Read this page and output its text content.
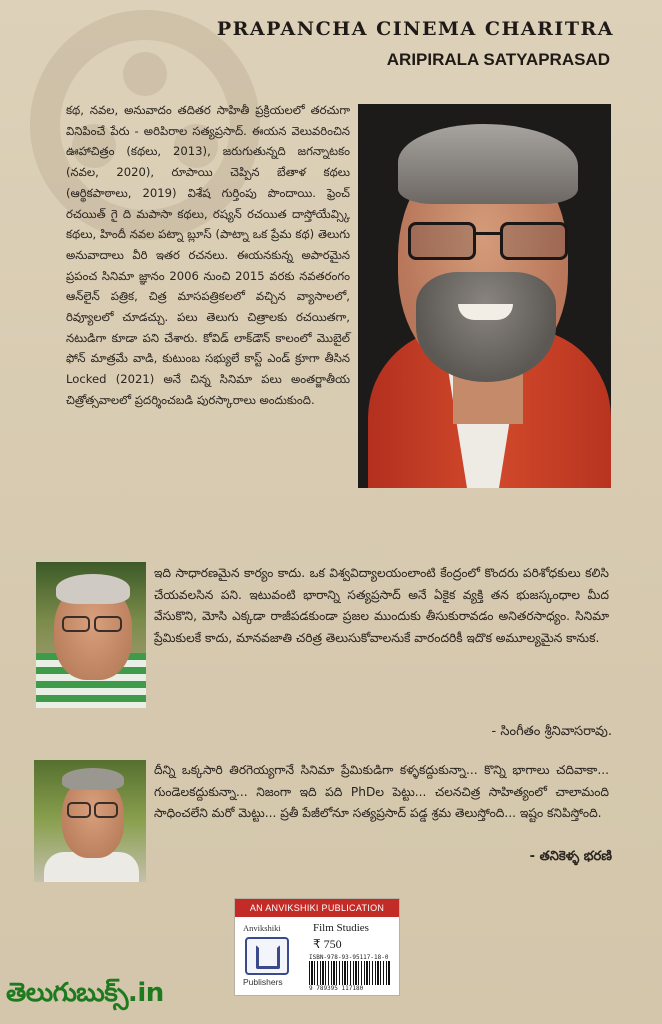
PRAPANCHA CINEMA CHARITRA
ARIPIRALA SATYAPRASAD
కథ, నవల, అనువాదం తదితర సాహితీ ప్రక్రియలలో తరచుగా వినిపించే పేరు - అరిపిరాల సత్యప్రసాద్. ఈయన వెలువరించిన ఊహాచిత్రం (కథలు, 2013), జరుగుతున్నది జగన్నాటకం (నవల, 2020), రూపాయి చెప్పిన బేతాళ కథలు (ఆర్థికపాఠాలు, 2019) విశేష గుర్తింపు పొందాయి. ఫ్రెంచ్ రచయిత్ గై ది మపాసా కథలు, రష్యన్ రచయిత దాస్తోయేవ్స్కి కథలు, హిందీ నవల పట్నా బ్లూస్ (పాట్నా ఒక ప్రేమ కథ) తెలుగు అనువాదాలు వీరి ఇతర రచనలు. ఈయనకున్న అపారమైన ప్రపంచ సినిమా జ్ఞానం 2006 నుంచి 2015 వరకు నవతరంగం ఆన్‌లైన్ పత్రిక, చిత్ర మాసపత్రికలలో వచ్చిన వ్యాసాలలో, రివ్యూలలో చూడచ్చు. పలు తెలుగు చిత్రాలకు రచయితగా, నటుడిగా కూడా పని చేశారు. కోవిడ్ లాక్‌డౌన్ కాలంలో మొబైల్ ఫోన్ మాత్రమే వాడి, కుటుంబ సభ్యులే కాస్ట్ ఎండ్ క్రూగా తీసిన Locked (2021) అనే చిన్న సినిమా పలు అంతర్జాతీయ చిత్రోత్సవాలలో ప్రదర్శించబడి పురస్కారాలు అందుకుంది.
ఇది సాధారణమైన కార్యం కాదు. ఒక విశ్వవిద్యాలయంలాంటి కేంద్రంలో కొందరు పరిశోధకులు కలిసి చేయవలసిన పని. ఇటువంటి భారాన్ని సత్యప్రసాద్ అనే ఏకైక వ్యక్తి తన భుజస్కంధాల మీద వేసుకొని, మోసి ఎక్కడా రాజీపడకుండా ప్రజల ముందుకు తీసుకురావడం అనితరసాధ్యం. సినిమా ప్రేమికులకే కాదు, మానవజాతి చరిత్ర తెలుసుకోవాలనుకే వారందరికీ ఇదొక అమూల్యమైన కానుక.
- సింగీతం శ్రీనివాసరావు.
దీన్ని ఒక్కసారి తిరగెయ్యగానే సినిమా ప్రేమికుడిగా కళ్ళకద్దుకున్నా... కొన్ని భాగాలు చదివాకా... గుండెలకద్దుకున్నా... నిజంగా ఇది పది PhDల పెట్టు... చలనచిత్ర సాహిత్యంలో చాలామంది సాధించలేని మరో మెట్టు... ప్రతీ పేజీలోనూ సత్యప్రసాద్ పడ్డ శ్రమ తెలుస్తోంది... ఇష్టం కనిపిస్తోంది.
- తనికెళ్ళ భరణి
AN ANVIKSHIKI PUBLICATION
Anvikshiki
Publishers
Film Studies
₹ 750
ISBN-978-93-95117-18-0
9 789395 117180
తెలుగుబుక్స్.in
